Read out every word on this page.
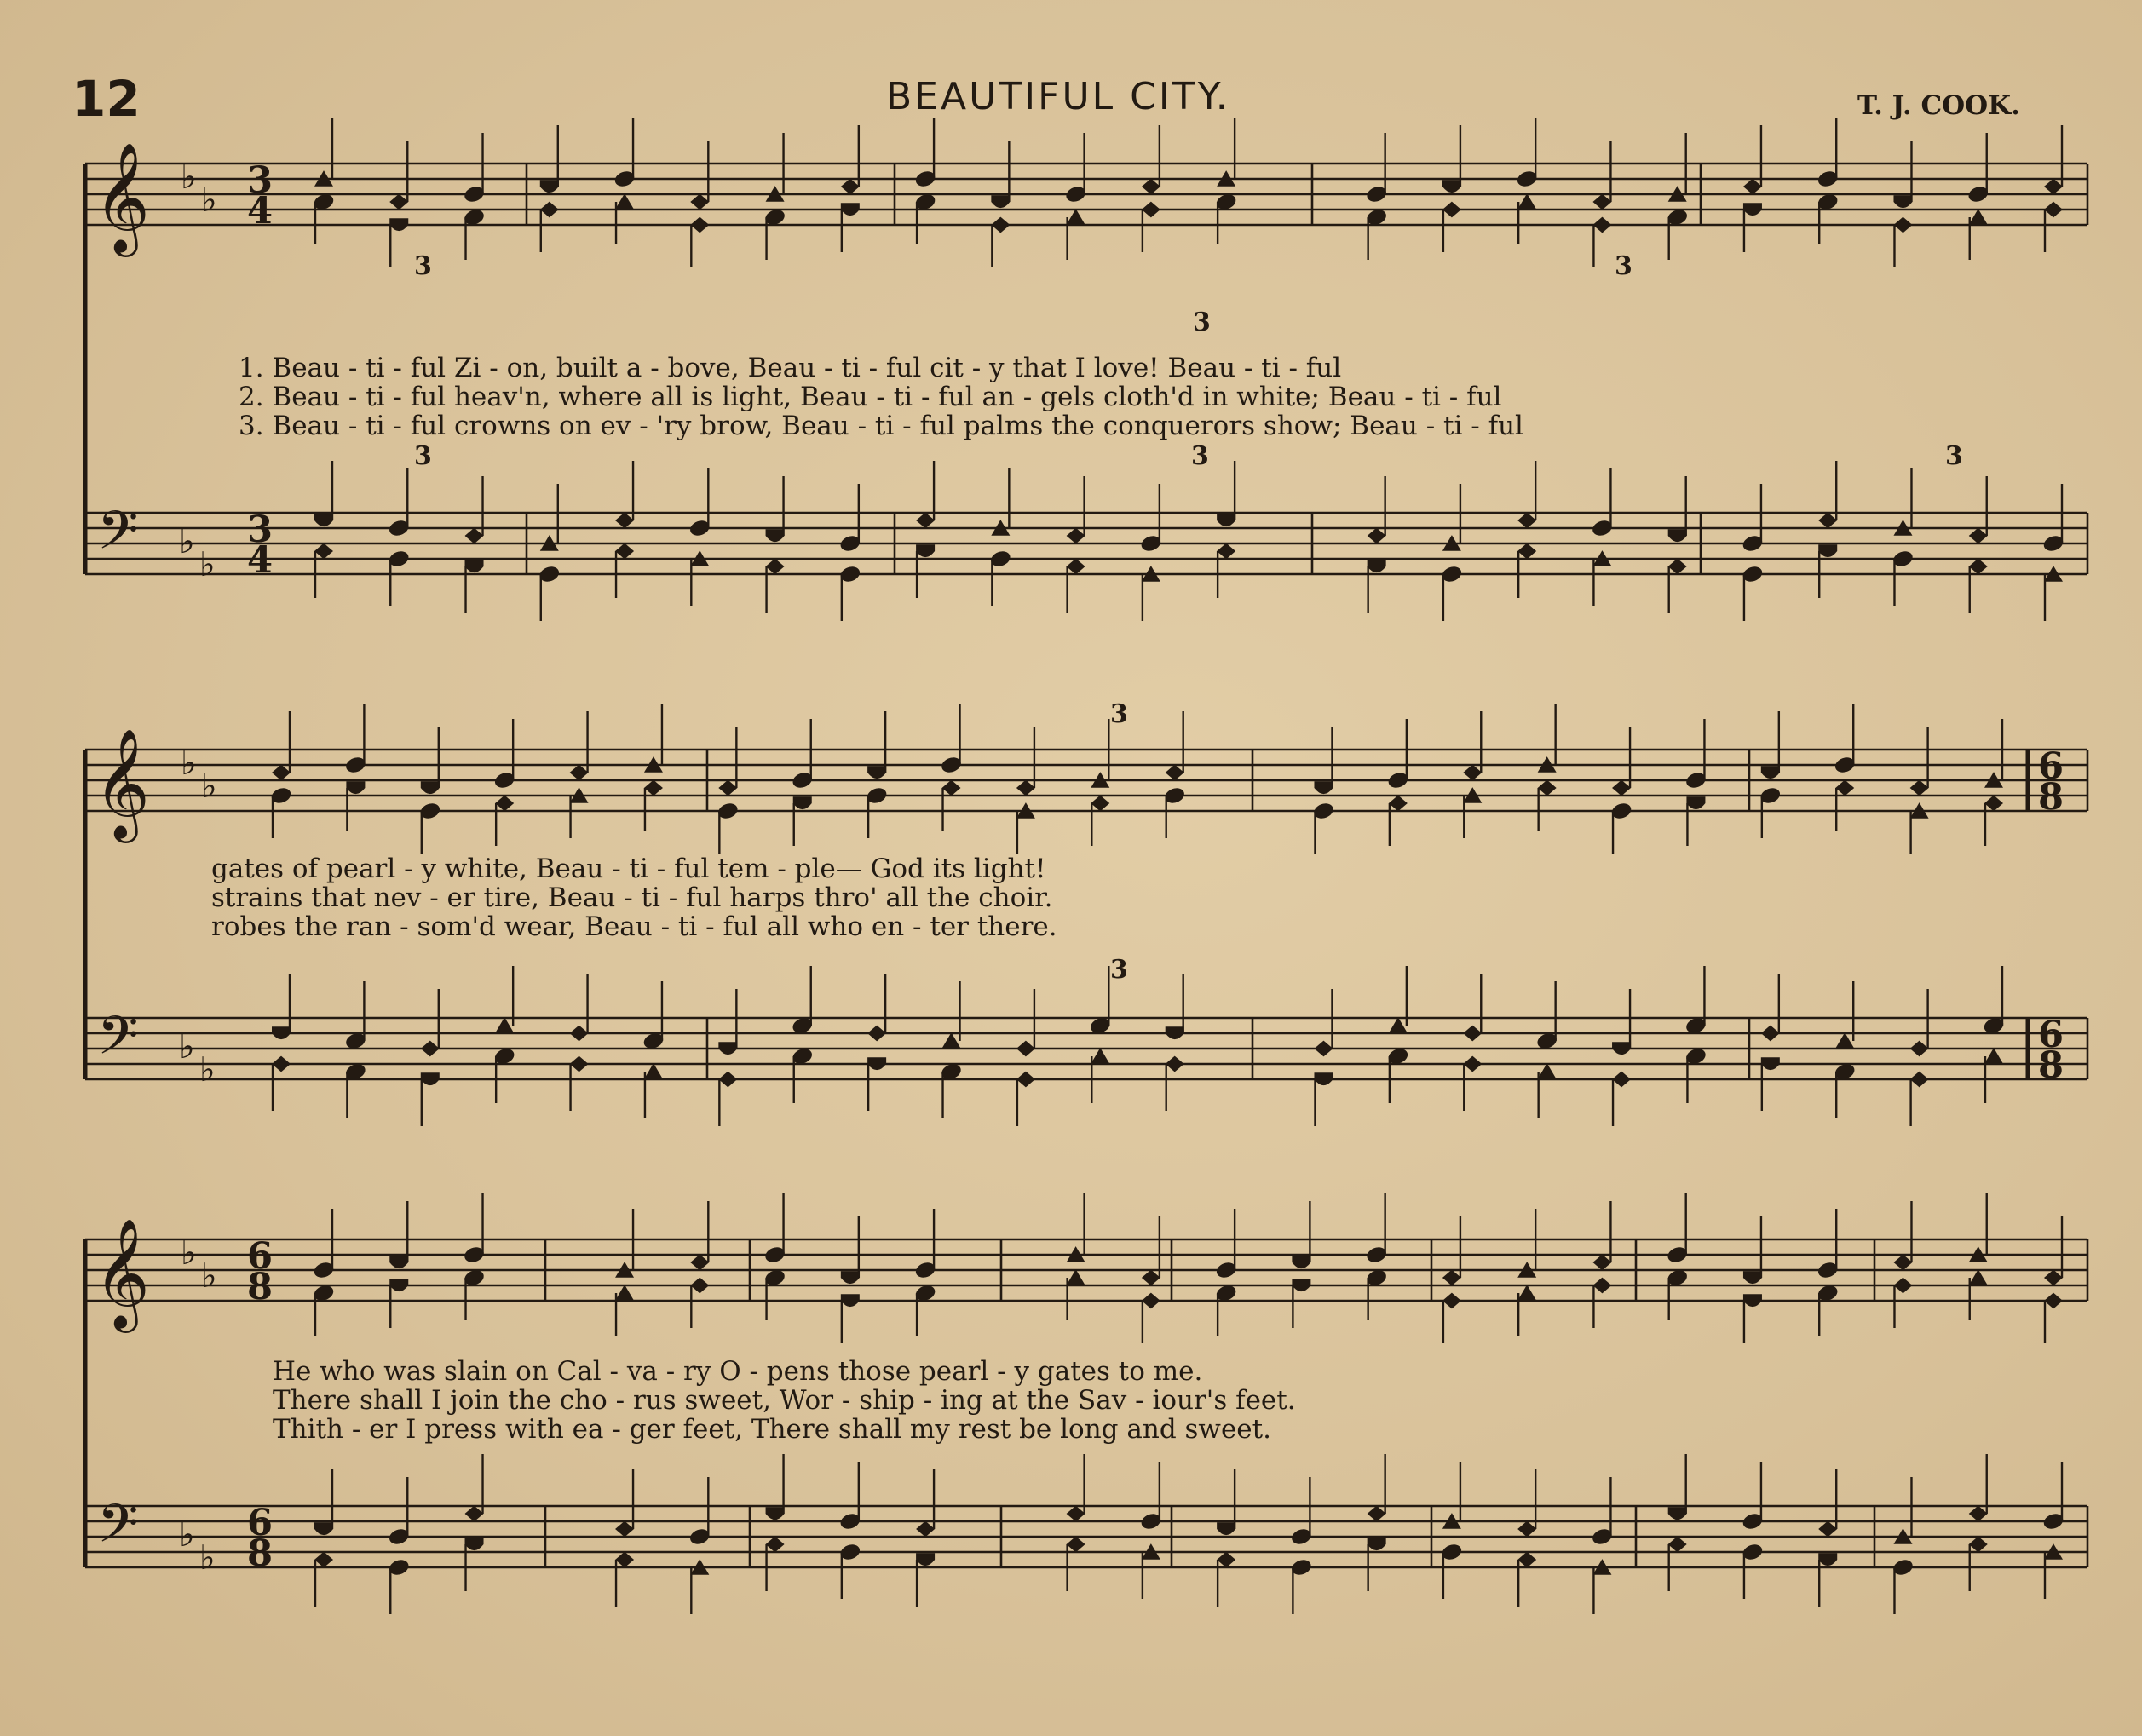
12	BEAUTIFUL CITY.	T. J. COOK.
𝄞
𝄢
♭
♭
♭
♭
3
4
3
4
𝄞
𝄢
♭
♭
♭
♭
6
8
6
8
𝄞
𝄢
♭
♭
♭
♭
6
8
6
8
3
3
3
3	3	3
3
3
1. Beau - ti - ful Zi - on, built a - bove, Beau - ti - ful cit - y that I love! Beau - ti - ful
2. Beau - ti - ful heav'n, where all is light, Beau - ti - ful an - gels cloth'd in white; Beau - ti - ful
3. Beau - ti - ful crowns on ev - 'ry brow, Beau - ti - ful palms the conquerors show; Beau - ti - ful
gates of pearl - y white, Beau - ti - ful tem - ple— God its light!
strains that nev - er tire, Beau - ti - ful harps thro' all the choir.
robes the ran - som'd wear, Beau - ti - ful all who en - ter there.
He who was slain on Cal - va - ry O - pens those pearl - y gates to me.
There shall I join the cho - rus sweet, Wor - ship - ing at the Sav - iour's feet.
Thith - er I press with ea - ger feet, There shall my rest be long and sweet.
